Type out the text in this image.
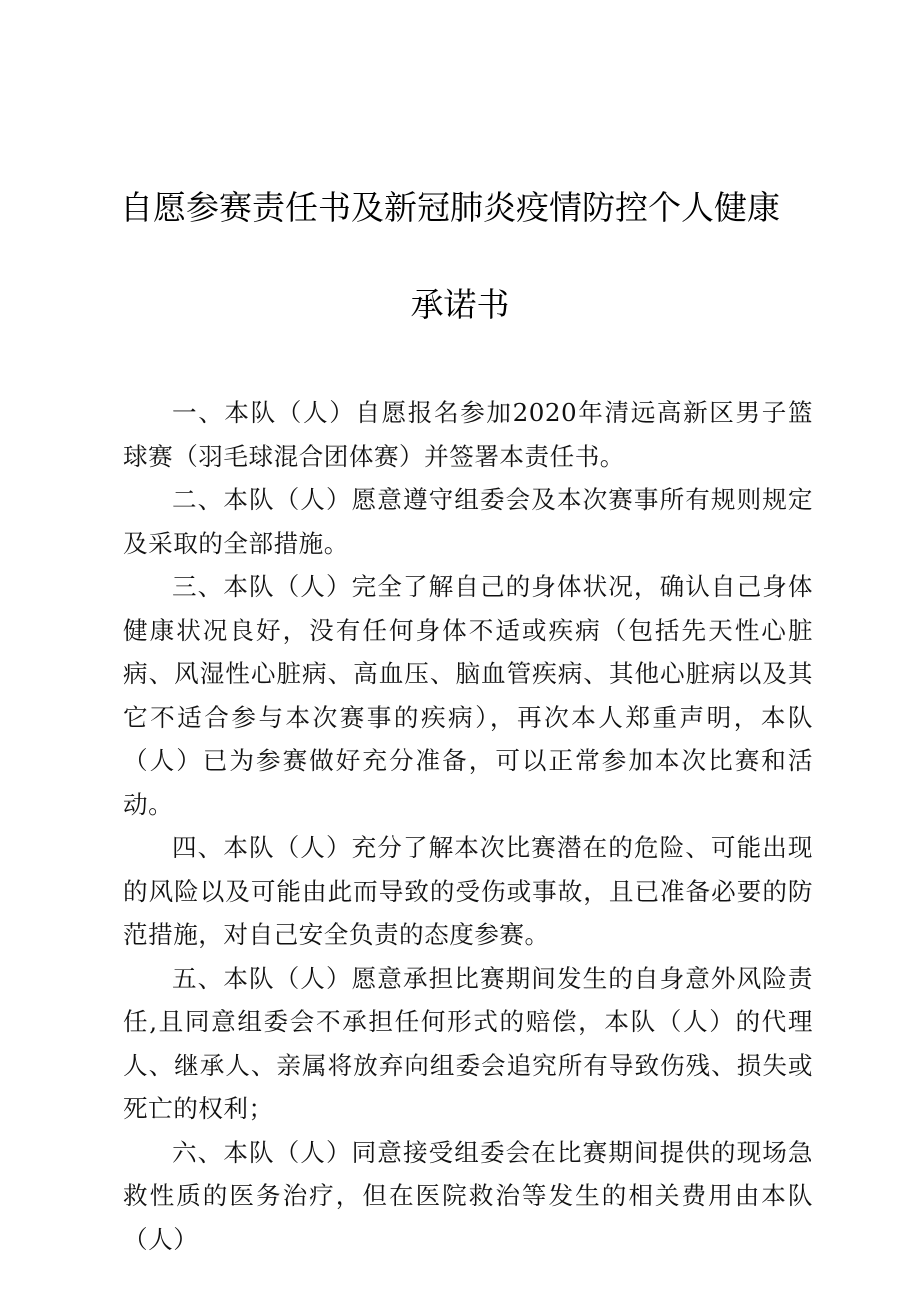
自愿参赛责任书及新冠肺炎疫情防控个人健康
承诺书

一、本队（人）自愿报名参加2020年清远高新区男子篮球赛（羽毛球混合团体赛）并签署本责任书。

二、本队（人）愿意遵守组委会及本次赛事所有规则规定及采取的全部措施。

三、本队（人）完全了解自己的身体状况，确认自己身体健康状况良好，没有任何身体不适或疾病（包括先天性心脏病、风湿性心脏病、高血压、脑血管疾病、其他心脏病以及其它不适合参与本次赛事的疾病），再次本人郑重声明，本队（人）已为参赛做好充分准备，可以正常参加本次比赛和活动。

四、本队（人）充分了解本次比赛潜在的危险、可能出现的风险以及可能由此而导致的受伤或事故，且已准备必要的防范措施，对自己安全负责的态度参赛。

五、本队（人）愿意承担比赛期间发生的自身意外风险责任,且同意组委会不承担任何形式的赔偿，本队（人）的代理人、继承人、亲属将放弃向组委会追究所有导致伤残、损失或死亡的权利；

六、本队（人）同意接受组委会在比赛期间提供的现场急救性质的医务治疗，但在医院救治等发生的相关费用由本队（人）
